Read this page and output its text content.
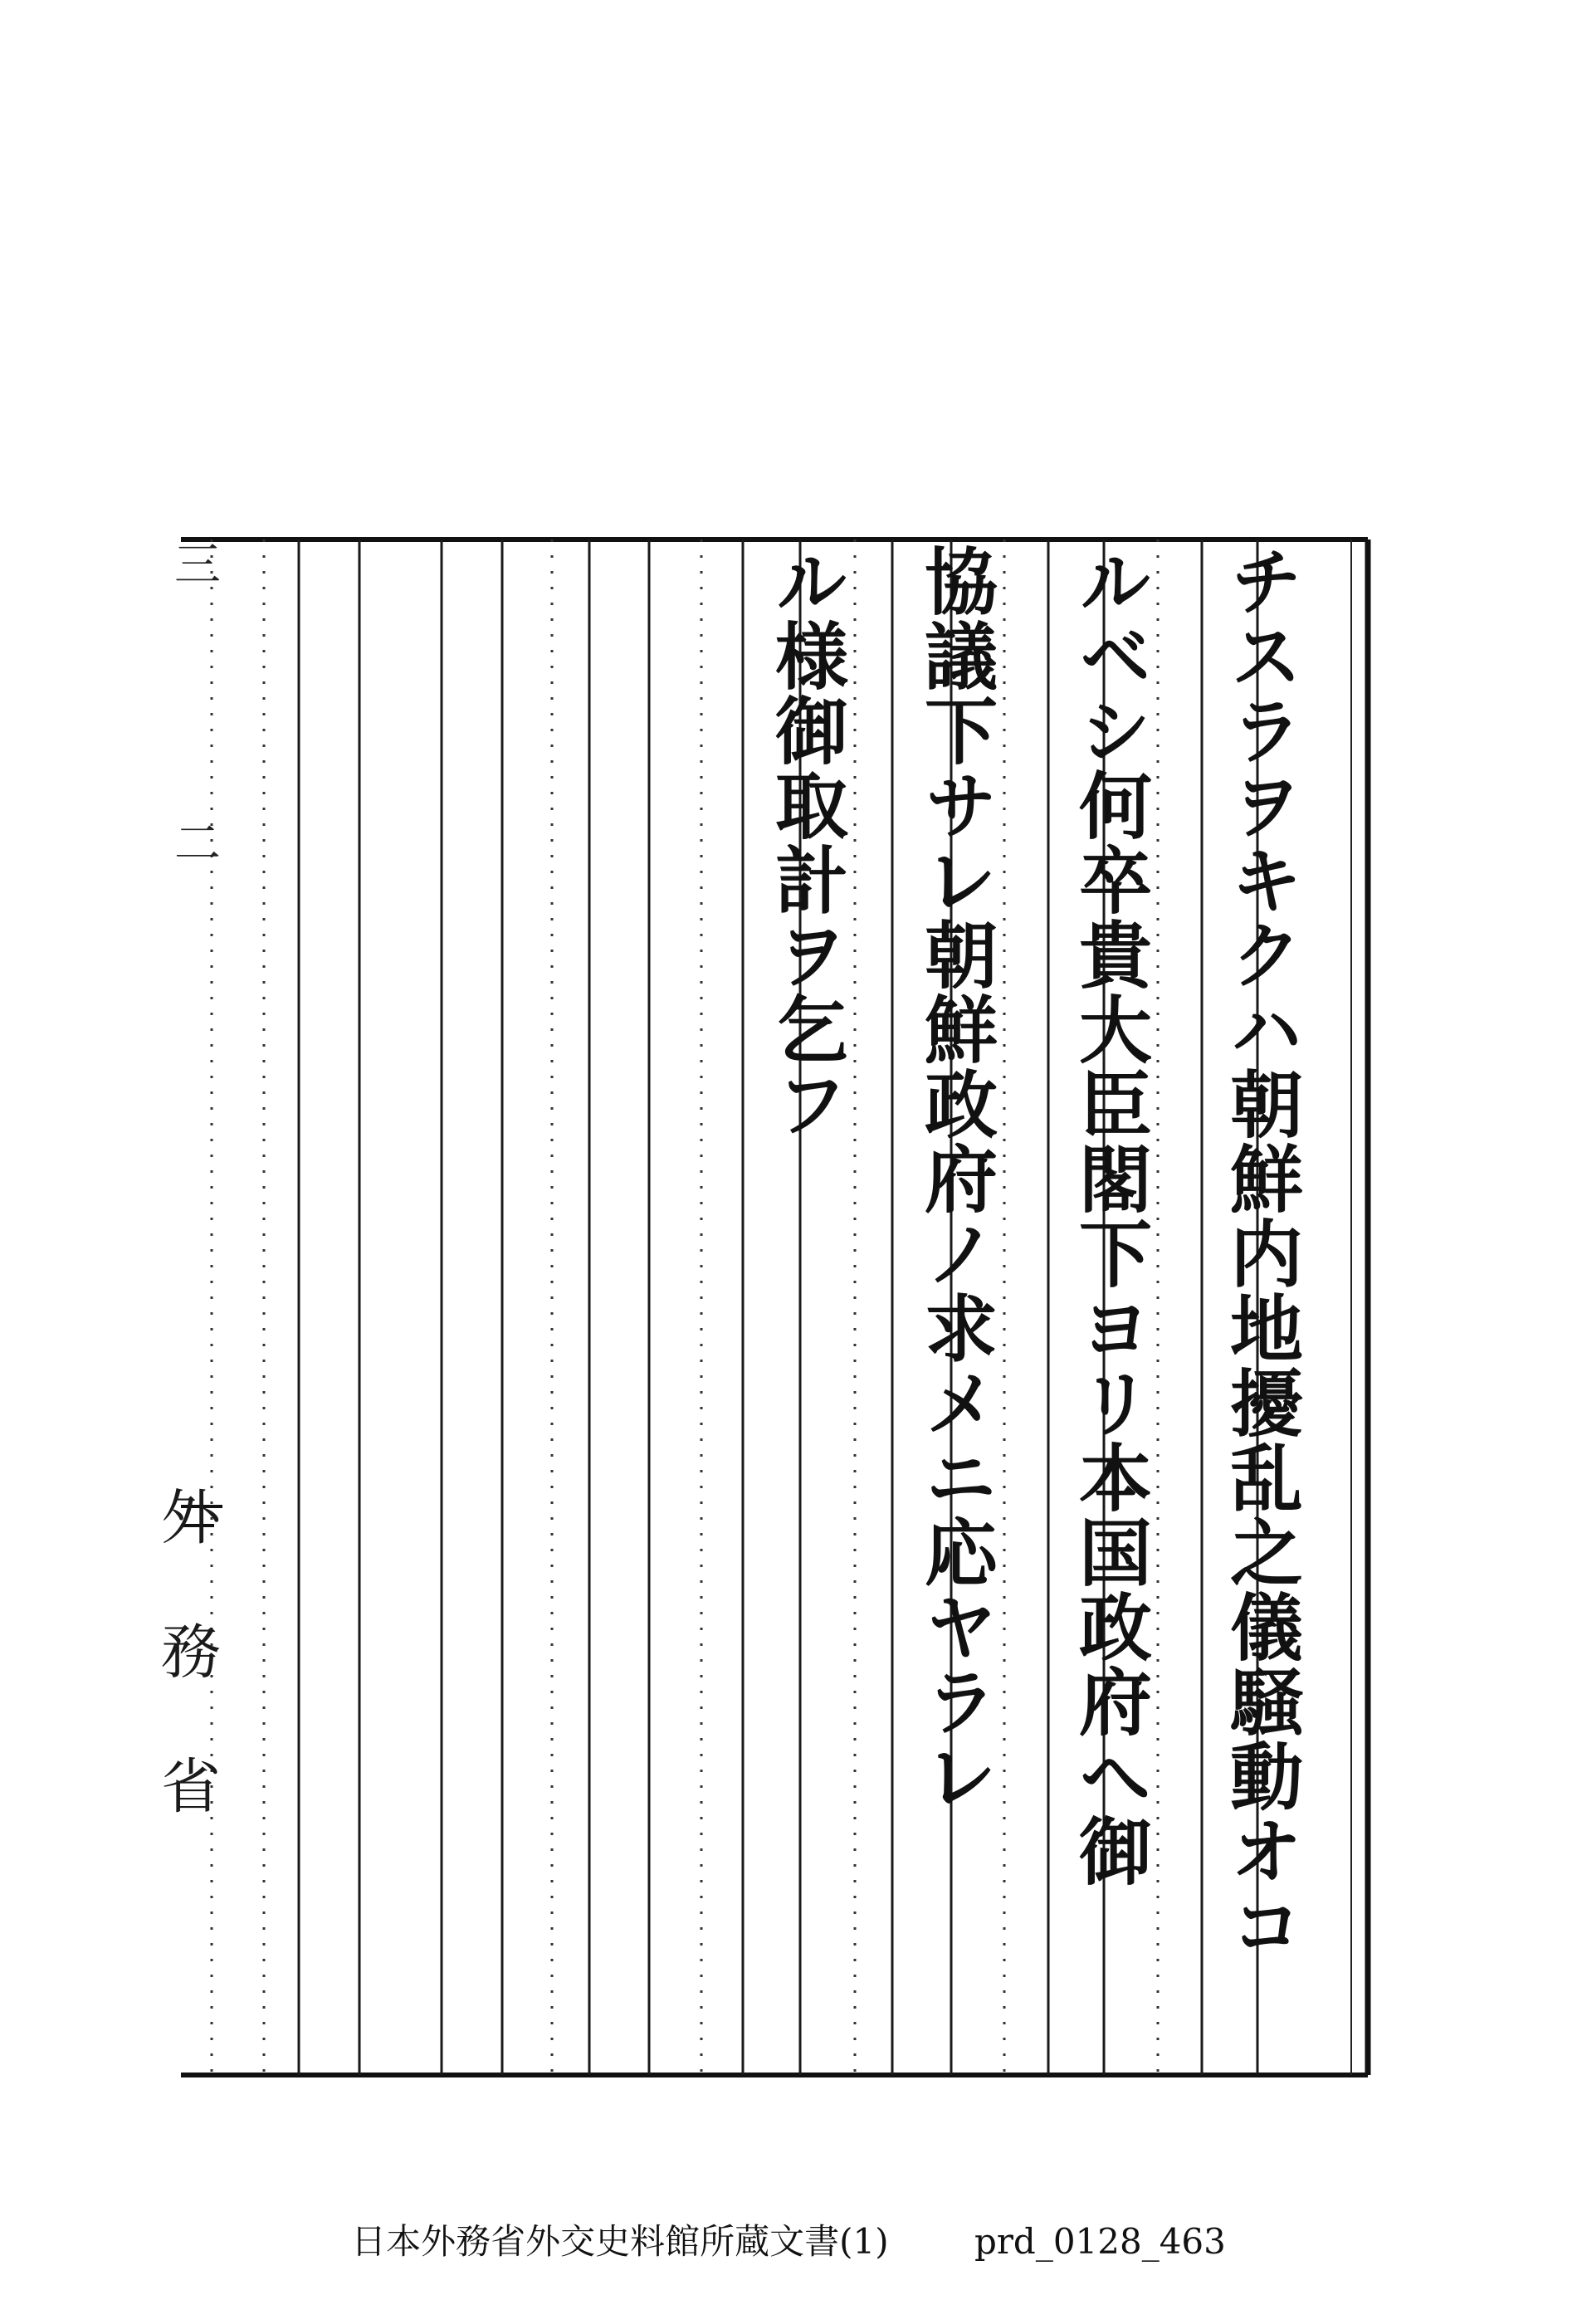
チスラヲキクハ朝鮮内地擾乱之儀騒動オコ
ルベシ何卒貴大臣閣下ヨリ本国政府へ御
協議下サレ朝鮮政府ノ求メニ応ヤラレ
ル様御取計ヲ乞フ
三二
外務省
日本外務省外交史料館所蔵文書(1) prd_0128_463
